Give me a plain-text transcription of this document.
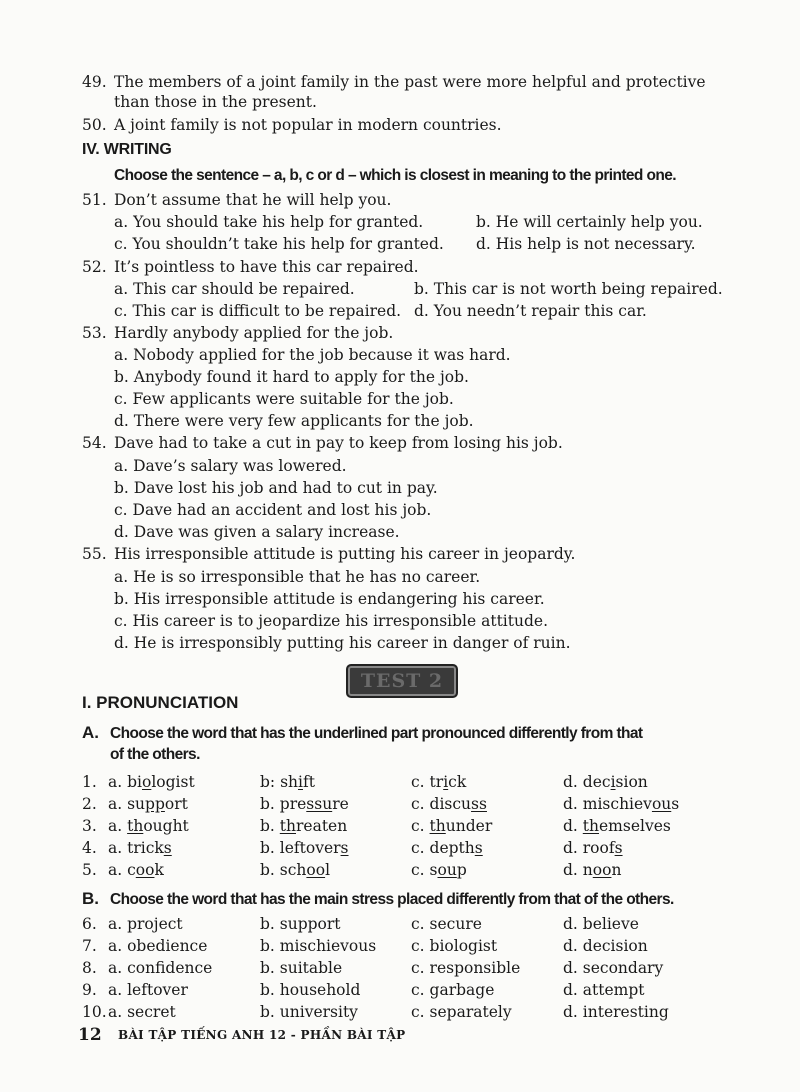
49. The members of a joint family in the past were more helpful and protective
than those in the present.
50. A joint family is not popular in modern countries.
IV. WRITING
Choose the sentence – a, b, c or d – which is closest in meaning to the printed one.
51. Don’t assume that he will help you.
a. You should take his help for granted.	b. He will certainly help you.
c. You shouldn’t take his help for granted. d. His help is not necessary.
52. It’s pointless to have this car repaired.
a. This car should be repaired.	b. This car is not worth being repaired.
c. This car is difficult to be repaired. d. You needn’t repair this car.
53. Hardly anybody applied for the job.
a. Nobody applied for the job because it was hard.
b. Anybody found it hard to apply for the job.
c. Few applicants were suitable for the job.
d. There were very few applicants for the job.
54. Dave had to take a cut in pay to keep from losing his job.
a. Dave’s salary was lowered.
b. Dave lost his job and had to cut in pay.
c. Dave had an accident and lost his job.
d. Dave was given a salary increase.
55. His irresponsible attitude is putting his career in jeopardy.
a. He is so irresponsible that he has no career.
b. His irresponsible attitude is endangering his career.
c. His career is to jeopardize his irresponsible attitude.
d. He is irresponsibly putting his career in danger of ruin.
TEST 2
I. PRONUNCIATION
A. Choose the word that has the underlined part pronounced differently from that
of the others.
1. a. biologist	b: shift	c. trick	d. decision
2. a. support	b. pressure	c. discuss	d. mischievous
3. a. thought	b. threaten	c. thunder	d. themselves
4. a. tricks	b. leftovers	c. depths	d. roofs
5. a. cook	b. school	c. soup	d. noon
B. Choose the word that has the main stress placed differently from that of the others.
6. a. project	b. support	c. secure	d. believe
7. a. obedience	b. mischievous c. biologist	d. decision
8. a. confidence	b. suitable	c. responsible	d. secondary
9. a. leftover	b. household	c. garbage	d. attempt
10. a. secret	b. university	c. separately	d. interesting
12 BÀI TẬP TIẾNG ANH 12 - PHẦN BÀI TẬP
